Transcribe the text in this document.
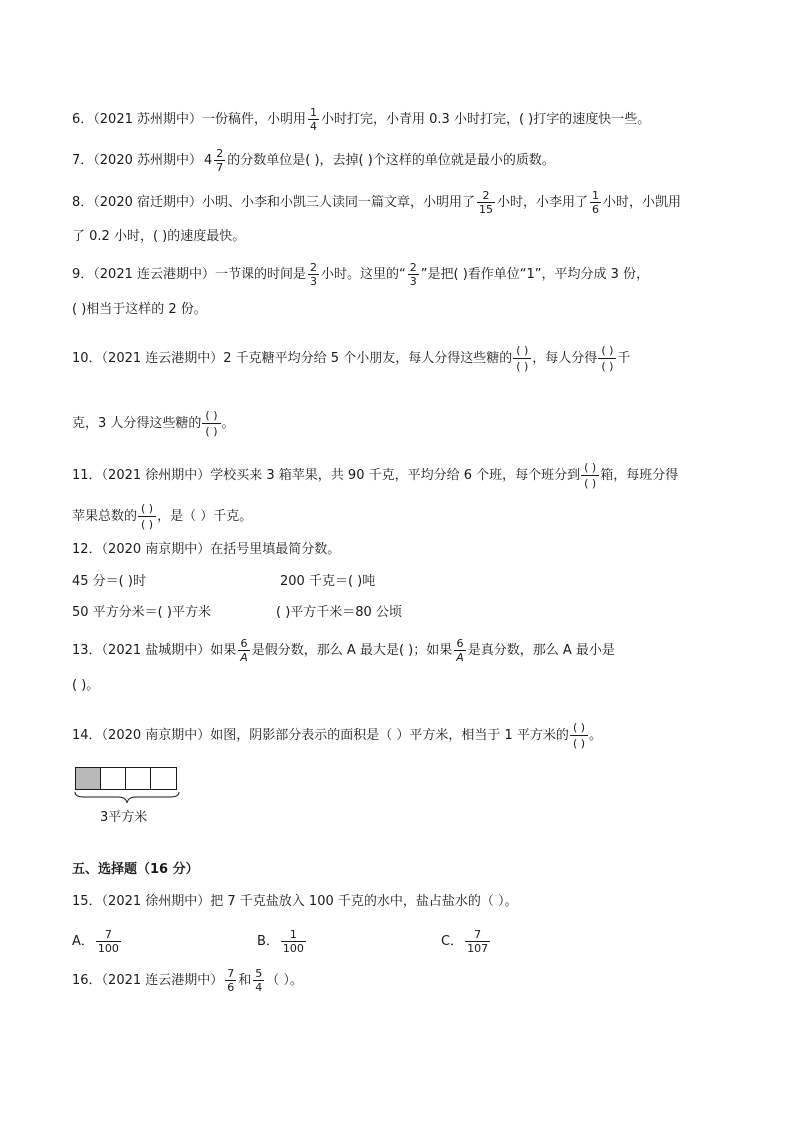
6．（2021 苏州期中）一份稿件，小明用 $\frac{1}{4}$ 小时打完，小青用 0.3 小时打完，( )打字的速度快一些。
7．（2020 苏州期中） $4 \frac{2}{7}$ 的分数单位是( )，去掉( )个这样的单位就是最小的质数。
8．（2020 宿迁期中）小明、小李和小凯三人读同一篇文章，小明用了 $\frac{2}{15}$ 小时，小李用了 $\frac{1}{6}$ 小时，小凯用
了 0.2 小时，( )的速度最快。
9．（2021 连云港期中）一节课的时间是 $\frac{2}{3}$ 小时。这里的“ $\frac{2}{3}$ ”是把( )看作单位“1”，平均分成 3 份，
( )相当于这样的 2 份。
10．（2021 连云港期中）2 千克糖平均分给 5 个小朋友，每人分得这些糖的 $\frac{( )}{( )}$ ，每人分得 $\frac{( )}{( )}$ 千
克，3 人分得这些糖的 $\frac{( )}{( )}$ 。
11．（2021 徐州期中）学校买来 3 箱苹果，共 90 千克，平均分给 6 个班，每个班分到 $\frac{( )}{( )}$ 箱，每班分得
苹果总数的 $\frac{( )}{( )}$ ，是（ ）千克。
12．（2020 南京期中）在括号里填最简分数。
45 分＝( )时	200 千克＝( )吨
50 平方分米＝( )平方米	( )平方千米＝80 公顷
13．（2021 盐城期中）如果 $\frac{6}{A}$ 是假分数，那么 A 最大是( )；如果 $\frac{6}{A}$ 是真分数，那么 A 最小是
( )。
14．（2020 南京期中）如图，阴影部分表示的面积是（ ）平方米，相当于 1 平方米的 $\frac{( )}{( )}$ 。
3平方米
五、选择题（16 分）
15．（2021 徐州期中）把 7 千克盐放入 100 千克的水中，盐占盐水的（ ）。
A． $\frac{7}{100}$	B． $\frac{1}{100}$	C． $\frac{7}{107}$
16．（2021 连云港期中） $\frac{7}{6}$ 和 $\frac{5}{4}$ （ ）。
